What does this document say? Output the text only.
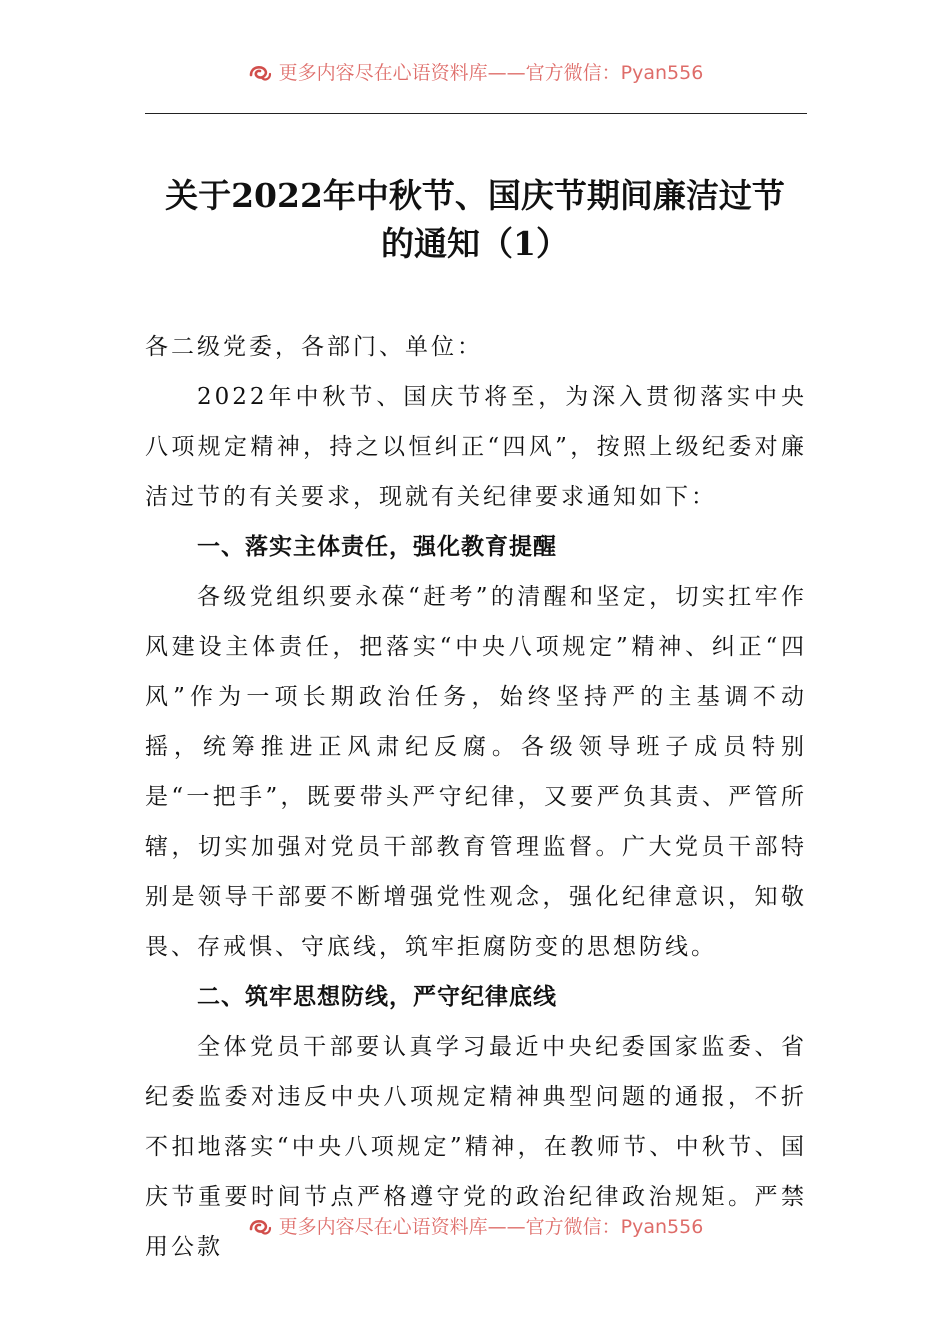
更多内容尽在心语资料库——官方微信：Pyan556
关于2022年中秋节、国庆节期间廉洁过节
的通知（1）

各二级党委，各部门、单位：

2022年中秋节、国庆节将至，为深入贯彻落实中央八项规定精神，持之以恒纠正“四风”，按照上级纪委对廉洁过节的有关要求，现就有关纪律要求通知如下：

一、落实主体责任，强化教育提醒

各级党组织要永葆“赶考”的清醒和坚定，切实扛牢作风建设主体责任，把落实“中央八项规定”精神、纠正“四风”作为一项长期政治任务，始终坚持严的主基调不动摇，统筹推进正风肃纪反腐。各级领导班子成员特别是“一把手”，既要带头严守纪律，又要严负其责、严管所辖，切实加强对党员干部教育管理监督。广大党员干部特别是领导干部要不断增强党性观念，强化纪律意识，知敬畏、存戒惧、守底线，筑牢拒腐防变的思想防线。

二、筑牢思想防线，严守纪律底线

全体党员干部要认真学习最近中央纪委国家监委、省纪委监委对违反中央八项规定精神典型问题的通报，不折不扣地落实“中央八项规定”精神，在教师节、中秋节、国庆节重要时间节点严格遵守党的政治纪律政治规矩。严禁用公款

更多内容尽在心语资料库——官方微信：Pyan556
